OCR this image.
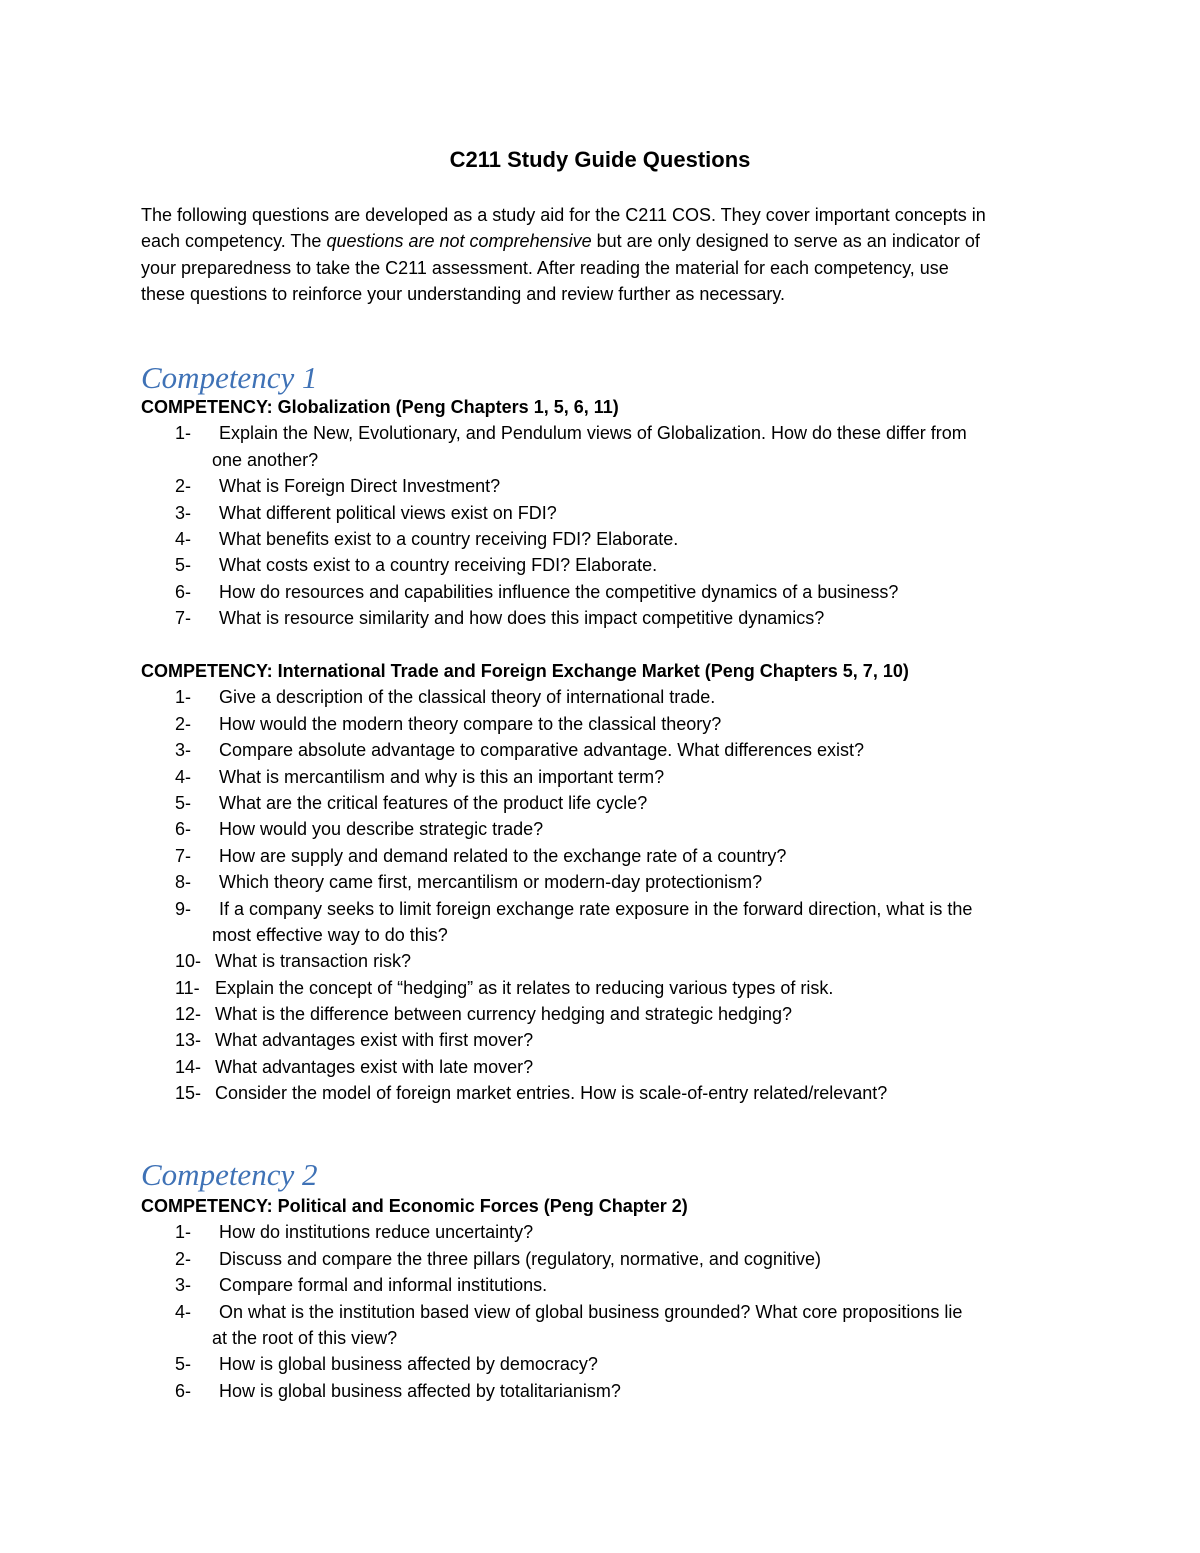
C211 Study Guide Questions
The following questions are developed as a study aid for the C211 COS. They cover important concepts in
each competency. The questions are not comprehensive but are only designed to serve as an indicator of
your preparedness to take the C211 assessment. After reading the material for each competency, use
these questions to reinforce your understanding and review further as necessary.
Competency 1
COMPETENCY: Globalization (Peng Chapters 1, 5, 6, 11)
1- Explain the New, Evolutionary, and Pendulum views of Globalization. How do these differ from
one another?
2- What is Foreign Direct Investment?
3- What different political views exist on FDI?
4- What benefits exist to a country receiving FDI? Elaborate.
5- What costs exist to a country receiving FDI? Elaborate.
6- How do resources and capabilities influence the competitive dynamics of a business?
7- What is resource similarity and how does this impact competitive dynamics?
COMPETENCY: International Trade and Foreign Exchange Market (Peng Chapters 5, 7, 10)
1- Give a description of the classical theory of international trade.
2- How would the modern theory compare to the classical theory?
3- Compare absolute advantage to comparative advantage. What differences exist?
4- What is mercantilism and why is this an important term?
5- What are the critical features of the product life cycle?
6- How would you describe strategic trade?
7- How are supply and demand related to the exchange rate of a country?
8- Which theory came first, mercantilism or modern-day protectionism?
9- If a company seeks to limit foreign exchange rate exposure in the forward direction, what is the
most effective way to do this?
10- What is transaction risk?
11- Explain the concept of “hedging” as it relates to reducing various types of risk.
12- What is the difference between currency hedging and strategic hedging?
13- What advantages exist with first mover?
14- What advantages exist with late mover?
15- Consider the model of foreign market entries. How is scale-of-entry related/relevant?
Competency 2
COMPETENCY: Political and Economic Forces (Peng Chapter 2)
1- How do institutions reduce uncertainty?
2- Discuss and compare the three pillars (regulatory, normative, and cognitive)
3- Compare formal and informal institutions.
4- On what is the institution based view of global business grounded? What core propositions lie
at the root of this view?
5- How is global business affected by democracy?
6- How is global business affected by totalitarianism?
